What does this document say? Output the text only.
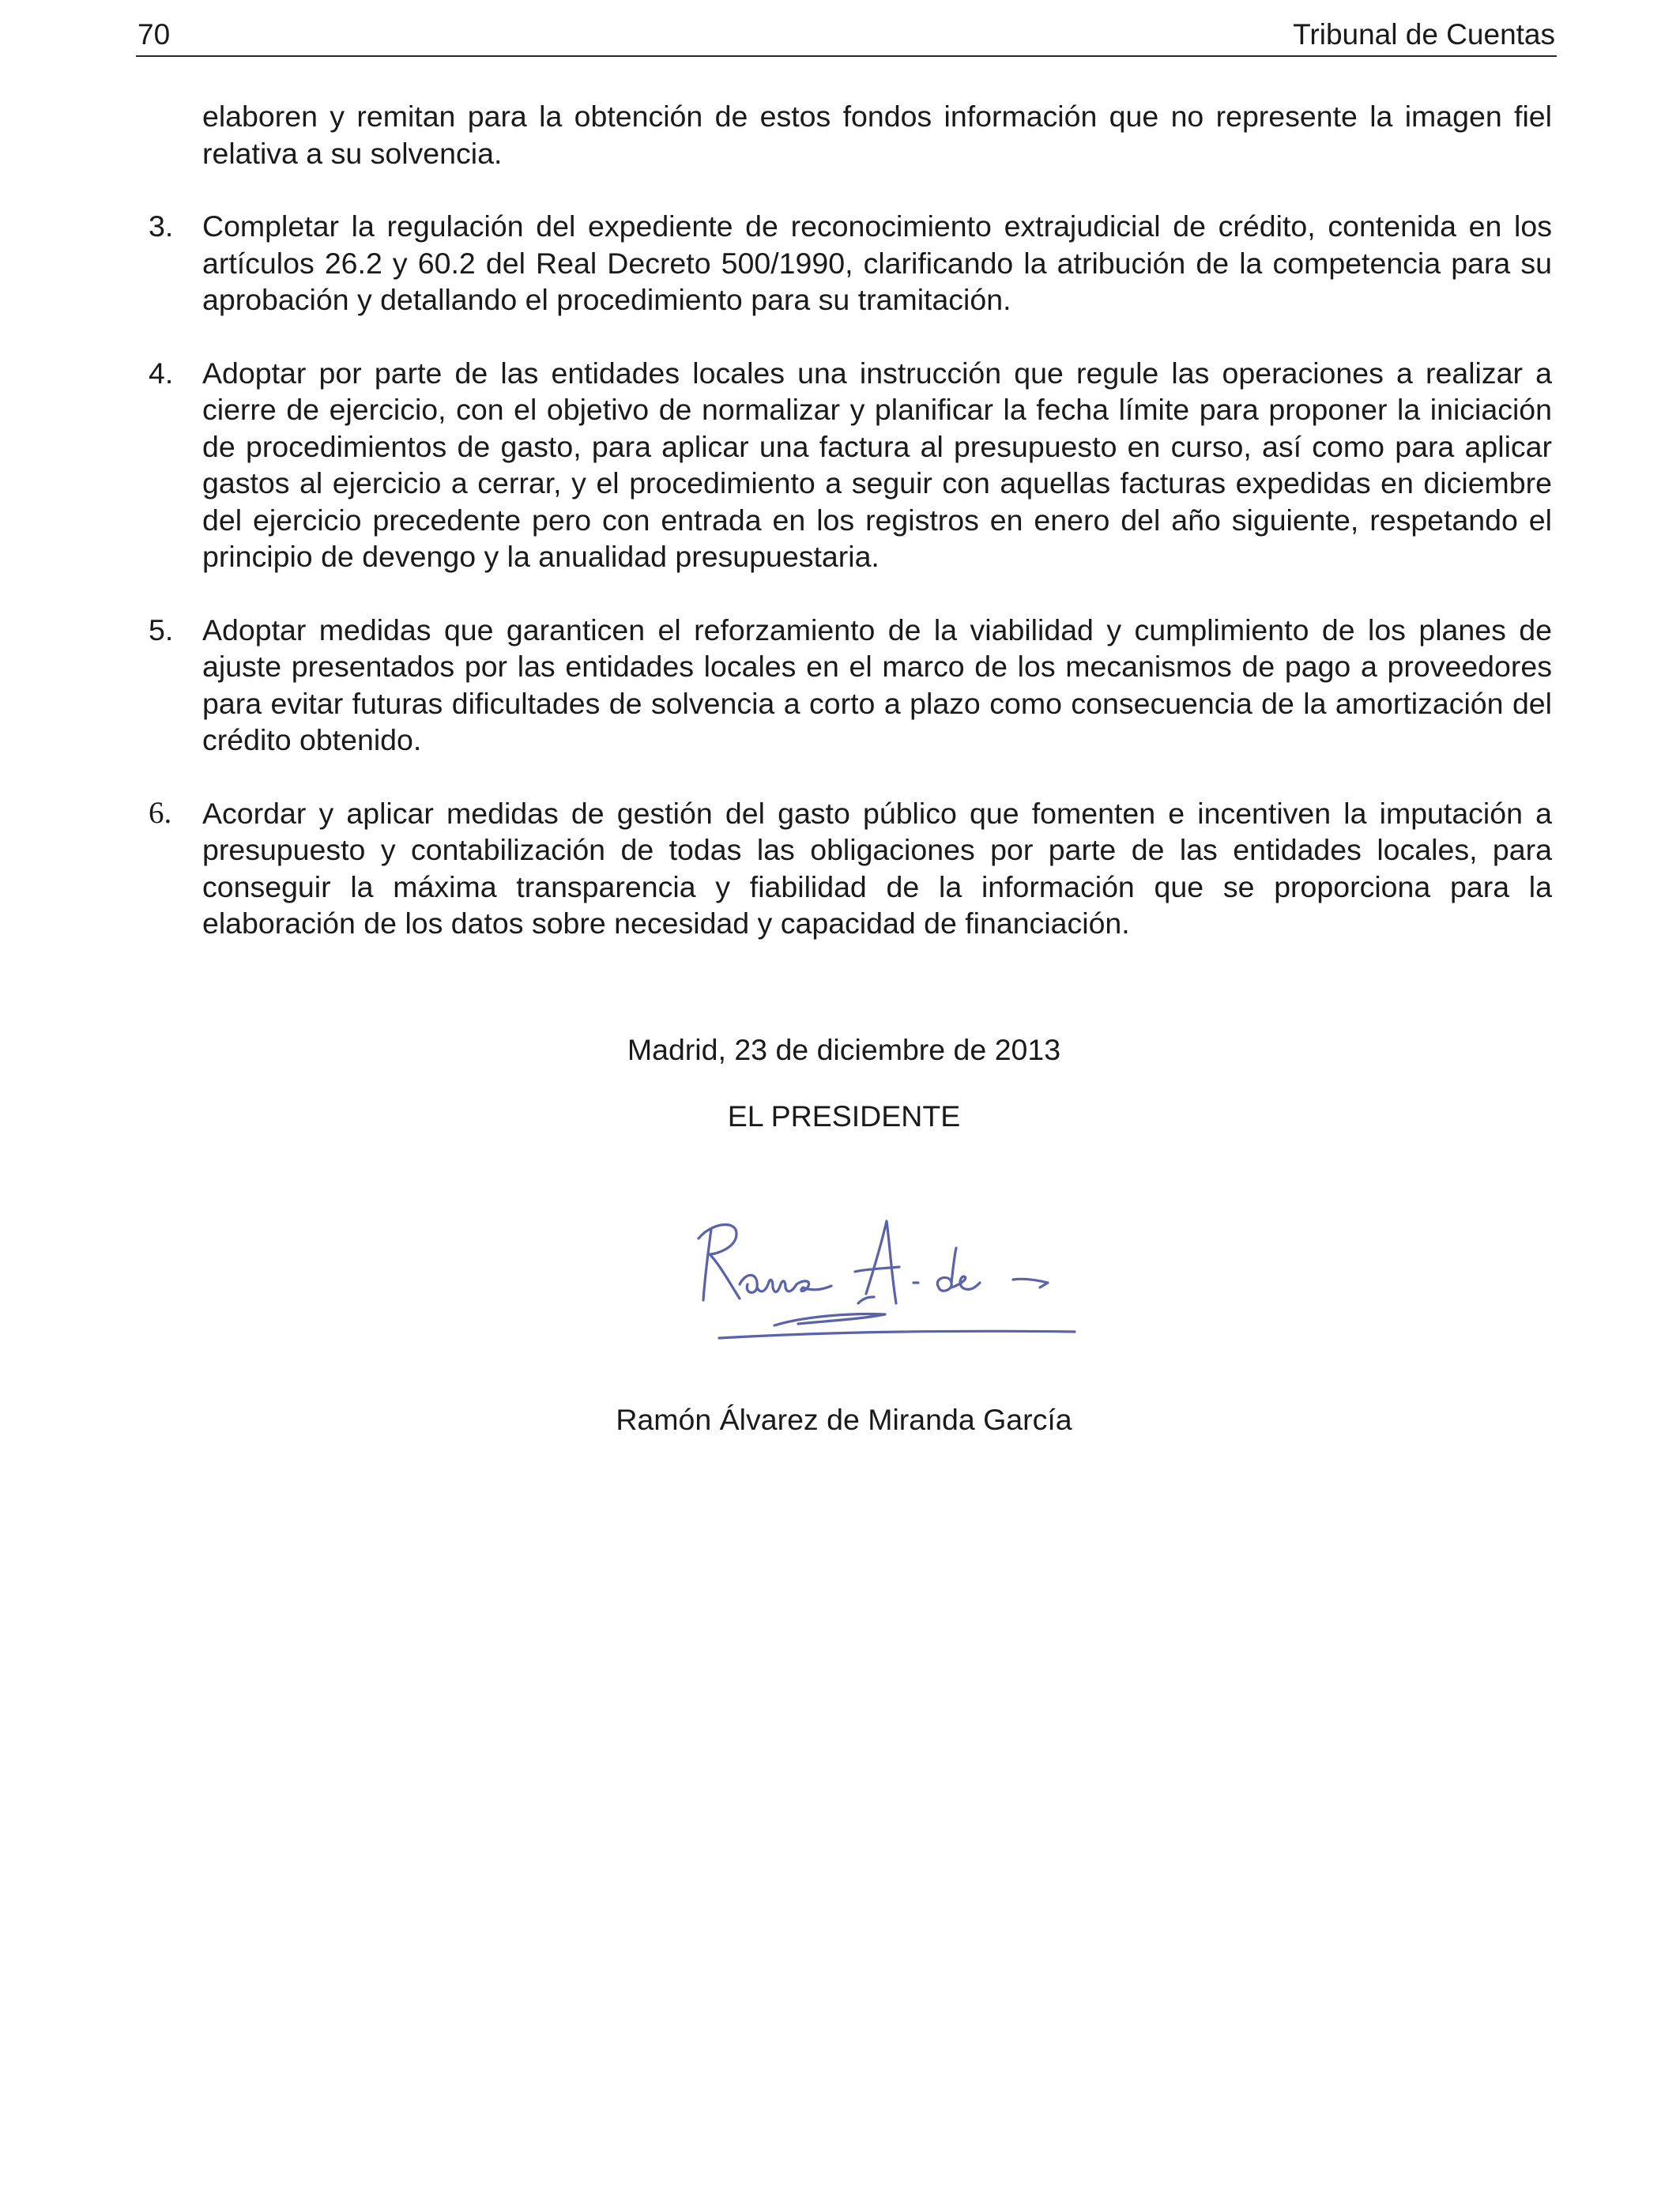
70	Tribunal de Cuentas

elaboren y remitan para la obtención de estos fondos información que no represente la imagen fiel relativa a su solvencia.

3. Completar la regulación del expediente de reconocimiento extrajudicial de crédito, contenida en los artículos 26.2 y 60.2 del Real Decreto 500/1990, clarificando la atribución de la competencia para su aprobación y detallando el procedimiento para su tramitación.
4. Adoptar por parte de las entidades locales una instrucción que regule las operaciones a realizar a cierre de ejercicio, con el objetivo de normalizar y planificar la fecha límite para proponer la iniciación de procedimientos de gasto, para aplicar una factura al presupuesto en curso, así como para aplicar gastos al ejercicio a cerrar, y el procedimiento a seguir con aquellas facturas expedidas en diciembre del ejercicio precedente pero con entrada en los registros en enero del año siguiente, respetando el principio de devengo y la anualidad presupuestaria.
5. Adoptar medidas que garanticen el reforzamiento de la viabilidad y cumplimiento de los planes de ajuste presentados por las entidades locales en el marco de los mecanismos de pago a proveedores para evitar futuras dificultades de solvencia a corto a plazo como consecuencia de la amortización del crédito obtenido.
6.	Acordar y aplicar medidas de gestión del gasto público que fomenten e incentiven la imputación a presupuesto y contabilización de todas las obligaciones por parte de las entidades locales, para conseguir la máxima transparencia y fiabilidad de la información que se proporciona para la elaboración de los datos sobre necesidad y capacidad de financiación.
Madrid, 23 de diciembre de 2013
EL PRESIDENTE
Ramón Álvarez de Miranda García
